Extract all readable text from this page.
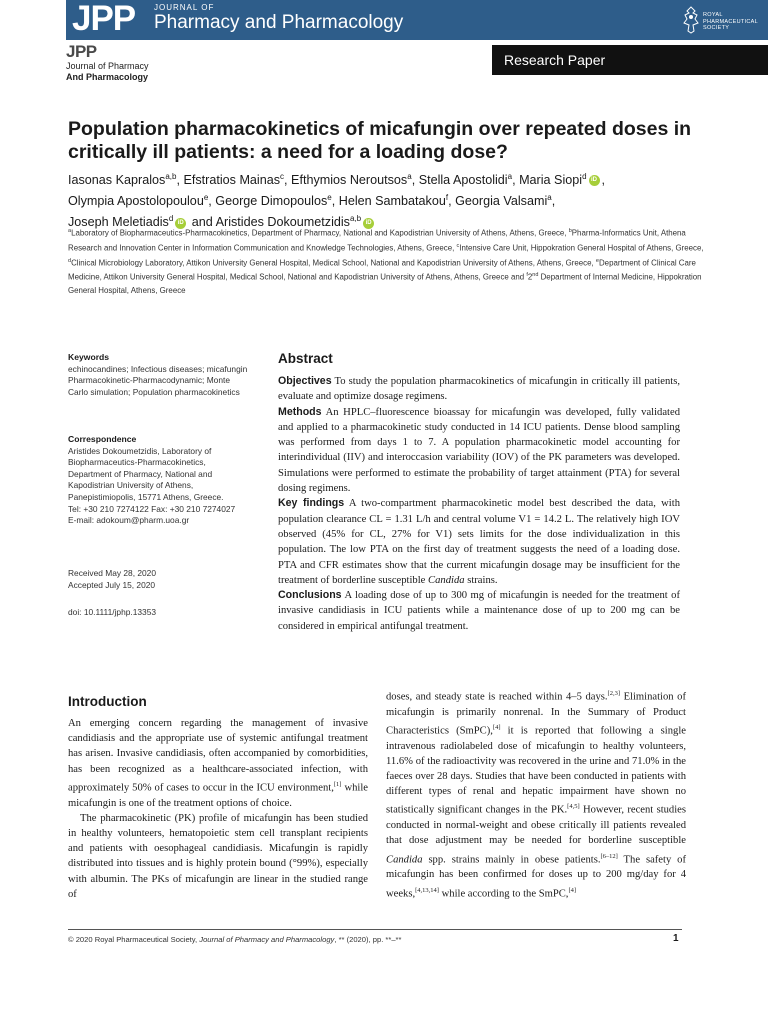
JPP JOURNAL OF
Pharmacy and Pharmacology	ROYAL
PHARMACEUTICAL
SOCIETY
JPP
Journal of Pharmacy
And Pharmacology
Research Paper
Population pharmacokinetics of micafungin over repeated doses in critically ill patients: a need for a loading dose?
Iasonas Kapralos$^{a,b}$, Efstratios Mainas$^c$, Efthymios Neroutsos$^a$, Stella Apostolidi$^a$, Maria Siopi$^d$ iD ,
Olympia Apostolopoulou$^e$, George Dimopoulos$^e$, Helen Sambatakou$^f$, Georgia Valsami$^a$,
Joseph Meletiadis$^d$ iD and Aristides Dokoumetzidis$^{a,b}$ iD
$^a$Laboratory of Biopharmaceutics-Pharmacokinetics, Department of Pharmacy, National and Kapodistrian University of Athens, Athens, Greece, $^b$Pharma-Informatics Unit, Athena Research and Innovation Center in Information Communication and Knowledge Technologies, Athens, Greece, $^c$Intensive Care Unit, Hippokration General Hospital of Athens, Greece, $^d$Clinical Microbiology Laboratory, Attikon University General Hospital, Medical School, National and Kapodistrian University of Athens, Athens, Greece, $^e$Department of Clinical Care Medicine, Attikon University General Hospital, Medical School, National and Kapodistrian University of Athens, Athens, Greece and $^f$2nd Department of Internal Medicine, Hippokration General Hospital, Athens, Greece
Keywords
echinocandines; Infectious diseases; micafungin Pharmacokinetic-Pharmacodynamic; Monte Carlo simulation; Population pharmacokinetics
Correspondence
Aristides Dokoumetzidis, Laboratory of Biopharmaceutics-Pharmacokinetics, Department of Pharmacy, National and Kapodistrian University of Athens, Panepistimiopolis, 15771 Athens, Greece.
Tel: +30 210 7274122 Fax: +30 210 7274027
E-mail: adokoum@pharm.uoa.gr
Received May 28, 2020
Accepted July 15, 2020
doi: 10.1111/jphp.13353
Abstract

Objectives To study the population pharmacokinetics of micafungin in critically ill patients, evaluate and optimize dosage regimens.

Methods An HPLC–fluorescence bioassay for micafungin was developed, fully validated and applied to a pharmacokinetic study conducted in 14 ICU patients. Dense blood sampling was performed from days 1 to 7. A population pharmacokinetic model accounting for interindividual (IIV) and interoccasion variability (IOV) of the PK parameters was developed. Simulations were performed to estimate the probability of target attainment (PTA) for several dosing regimens.

Key findings A two-compartment pharmacokinetic model best described the data, with population clearance CL = 1.31 L/h and central volume V1 = 14.2 L. The relatively high IOV observed (45% for CL, 27% for V1) sets limits for the dose individualization in this population. The low PTA on the first day of treatment suggests the need of a loading dose. PTA and CFR estimates show that the current micafungin dosage may be insufficient for the treatment of borderline susceptible Candida strains.

Conclusions A loading dose of up to 300 mg of micafungin is needed for the treatment of invasive candidiasis in ICU patients while a maintenance dose of up to 200 mg can be considered in empirical antifungal treatment.

Introduction

An emerging concern regarding the management of invasive candidiasis and the appropriate use of systemic antifungal treatment has arisen. Invasive candidiasis, often accompanied by comorbidities, has been recognized as a healthcare-associated infection, with approximately 50% of cases to occur in the ICU environment,[1] while micafungin is one of the treatment options of choice.

The pharmacokinetic (PK) profile of micafungin has been studied in healthy volunteers, hematopoietic stem cell transplant recipients and patients with oesophageal candidiasis. Micafungin is rapidly distributed into tissues and is highly protein bound (°99%), especially with albumin. The PKs of micafungin are linear in the studied range of

doses, and steady state is reached within 4–5 days.[2,3] Elimination of micafungin is primarily nonrenal. In the Summary of Product Characteristics (SmPC),[4] it is reported that following a single intravenous radiolabeled dose of micafungin to healthy volunteers, 11.6% of the radioactivity was recovered in the urine and 71.0% in the faeces over 28 days. Studies that have been conducted in patients with different types of renal and hepatic impairment have shown no statistically significant changes in the PK.[4,5] However, recent studies conducted in normal-weight and obese critically ill patients revealed that dose adjustment may be needed for borderline susceptible Candida spp. strains mainly in obese patients.[6–12] The safety of micafungin has been confirmed for doses up to 200 mg/day for 4 weeks,[4,13,14] while according to the SmPC,[4]

© 2020 Royal Pharmaceutical Society, Journal of Pharmacy and Pharmacology, ** (2020), pp. **–**	1
